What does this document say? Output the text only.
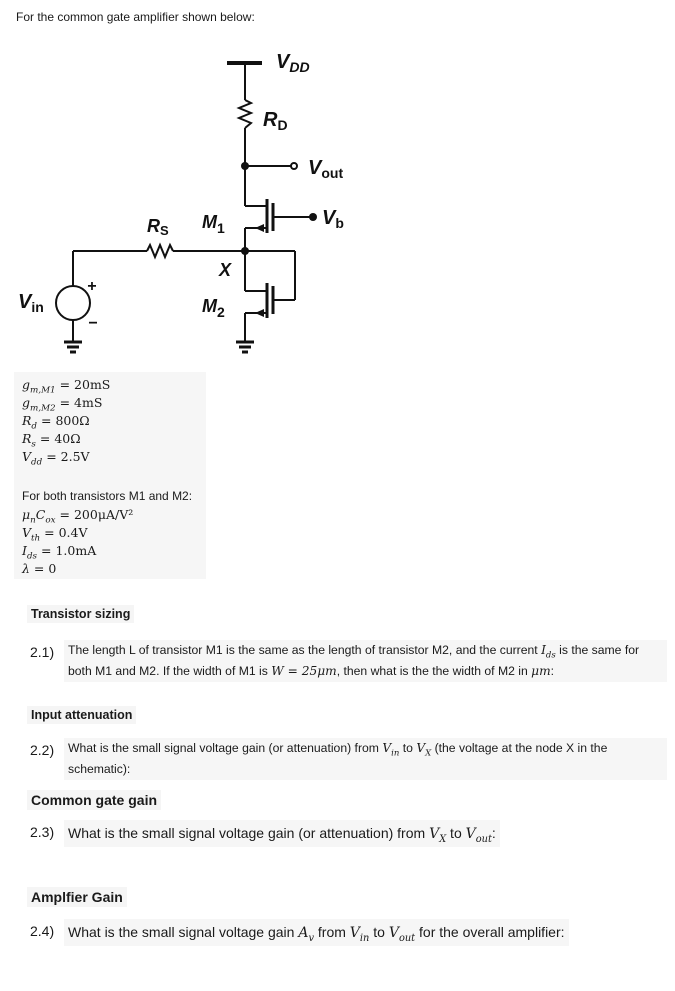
For the common gate amplifier shown below:
$V_{DD}$
$R_D$
$V_{out}$
$V_b$
RS $M_1$
X
$M_2$
$V_{in}$
+
−
$g_{m,M1} = 20mS$
$g_{m,M2} = 4mS$
$R_d = 800\Omega$
$R_s = 40\Omega$
$V_{dd} = 2.5V$
For both transistors M1 and M2:
$\mu_nC_{ox} = 200\mu A/V^2$
$V_{th} = 0.4V$
$I_{ds} = 1.0mA$
λ = 0
Transistor sizing
2.1)	The length L of transistor M1 is the same as the length of transistor M2, and the current $I_{ds}$ is the same for both M1 and M2. If the width of M1 is W = 25μm, then what is the the width of M2 in μm:
Input attenuation
2.2)	What is the small signal voltage gain (or attenuation) from $V_{in}$ to $V_X$ (the voltage at the node X in the schematic):
Common gate gain
2.3) What is the small signal voltage gain (or attenuation) from $V_X$ to $V_{out}$:
Amplfier Gain
2.4) What is the small signal voltage gain $A_v$ from $V_{in}$ to $V_{out}$ for the overall amplifier:
